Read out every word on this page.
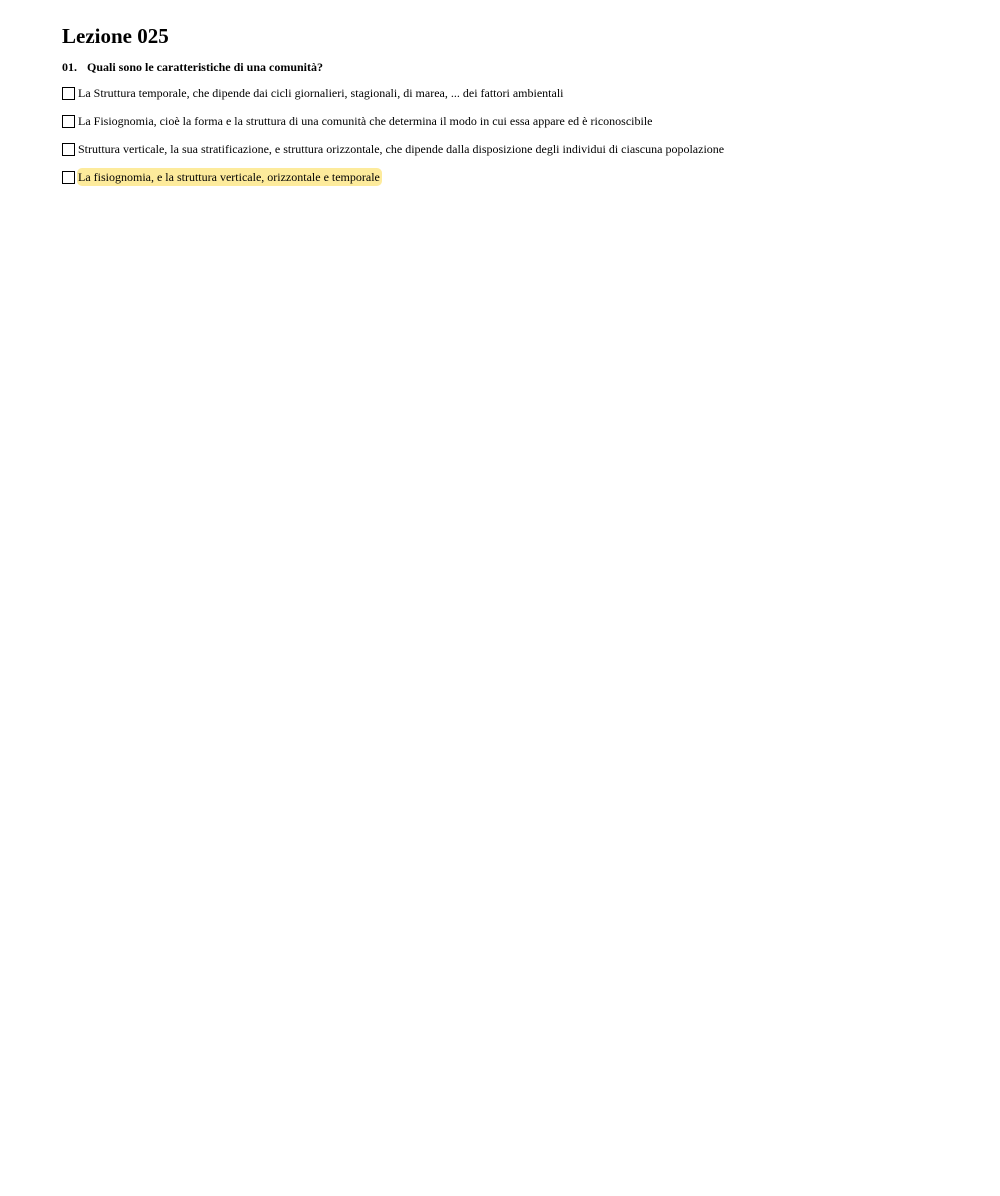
Lezione 025
01. Quali sono le caratteristiche di una comunità?
La Struttura temporale, che dipende dai cicli giornalieri, stagionali, di marea, ... dei fattori ambientali
La Fisiognomia, cioè la forma e la struttura di una comunità che determina il modo in cui essa appare ed è riconoscibile
Struttura verticale, la sua stratificazione, e struttura orizzontale, che dipende dalla disposizione degli individui di ciascuna popolazione
La fisiognomia, e la struttura verticale, orizzontale e temporale
